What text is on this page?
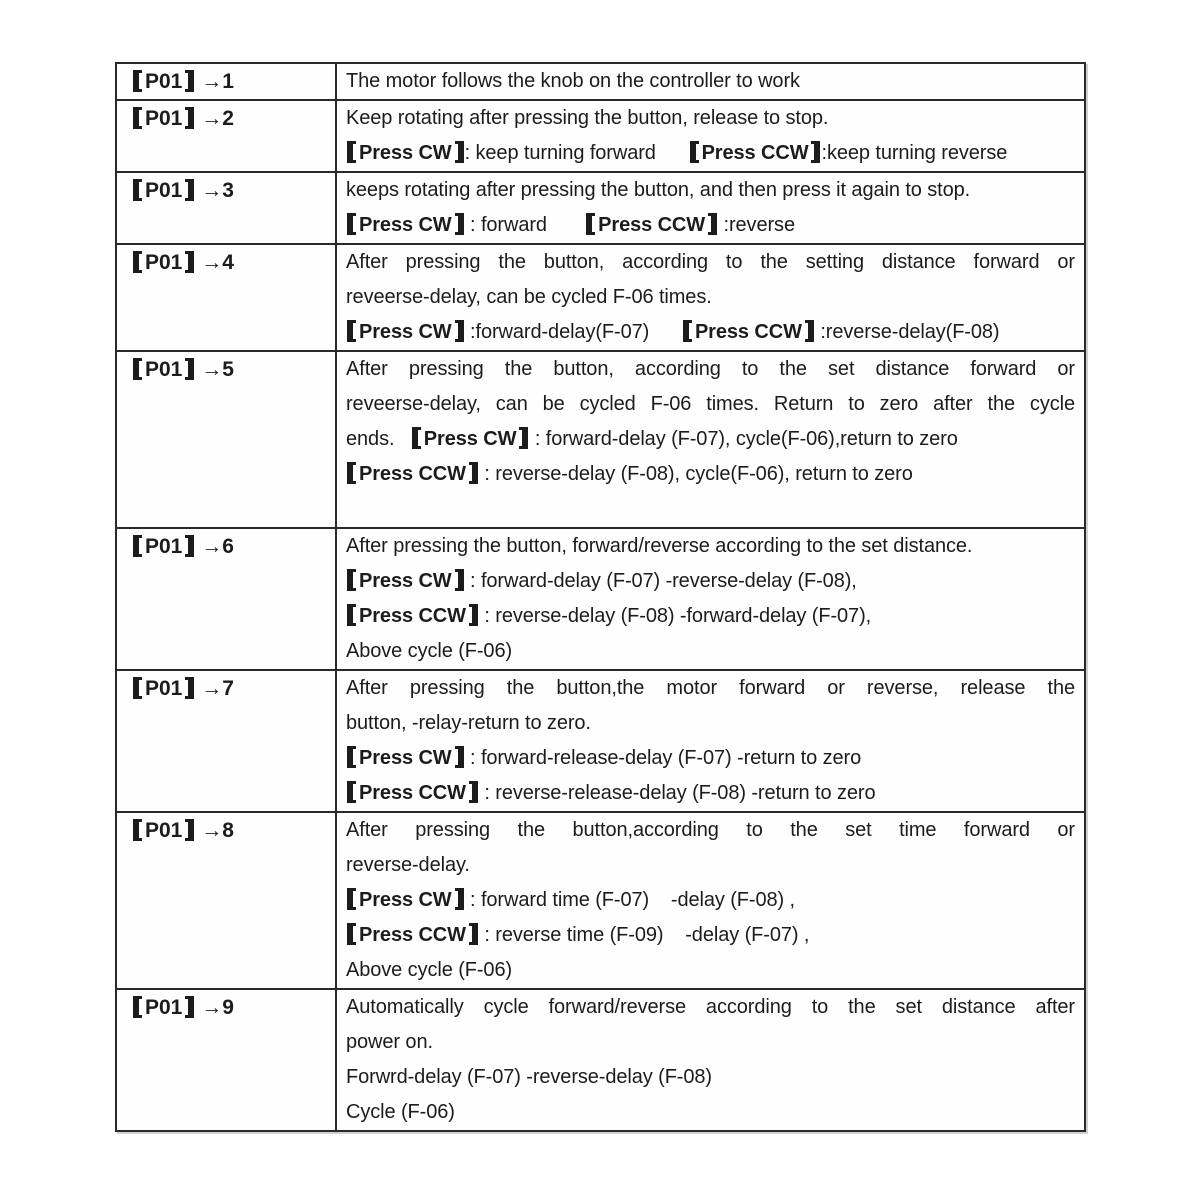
P01 →1	The motor follows the knob on the controller to work
P01 →2	Keep rotating after pressing the button, release to stop.
Press CW : keep turning forward      Press CCW :keep turning reverse
P01 →3	keeps rotating after pressing the button, and then press it again to stop.
Press CW : forward       Press CCW :reverse
P01 →4	After pressing the button, according to the setting distance forward or
reveerse-delay, can be cycled F-06 times.
Press CW :forward-delay(F-07)      Press CCW :reverse-delay(F-08)
P01 →5	After pressing the button, according to the set distance forward or
reveerse-delay, can be cycled F-06 times. Return to zero after the cycle
ends.   Press CW : forward-delay (F-07), cycle(F-06),return to zero
Press CCW : reverse-delay (F-08), cycle(F-06), return to zero
P01 →6	After pressing the button, forward/reverse according to the set distance.
Press CW : forward-delay (F-07) -reverse-delay (F-08),
Press CCW : reverse-delay (F-08) -forward-delay (F-07),
Above cycle (F-06)
P01 →7	After pressing the button,the motor forward or reverse, release the
button, -relay-return to zero.
Press CW : forward-release-delay (F-07) -return to zero
Press CCW : reverse-release-delay (F-08) -return to zero
P01 →8	After pressing the button,according to the set time forward or
reverse-delay.
Press CW : forward time (F-07)    -delay (F-08) ,
Press CCW : reverse time (F-09)    -delay (F-07) ,
Above cycle (F-06)
P01 →9	Automatically cycle forward/reverse according to the set distance after
power on.
Forwrd-delay (F-07) -reverse-delay (F-08)
Cycle (F-06)
